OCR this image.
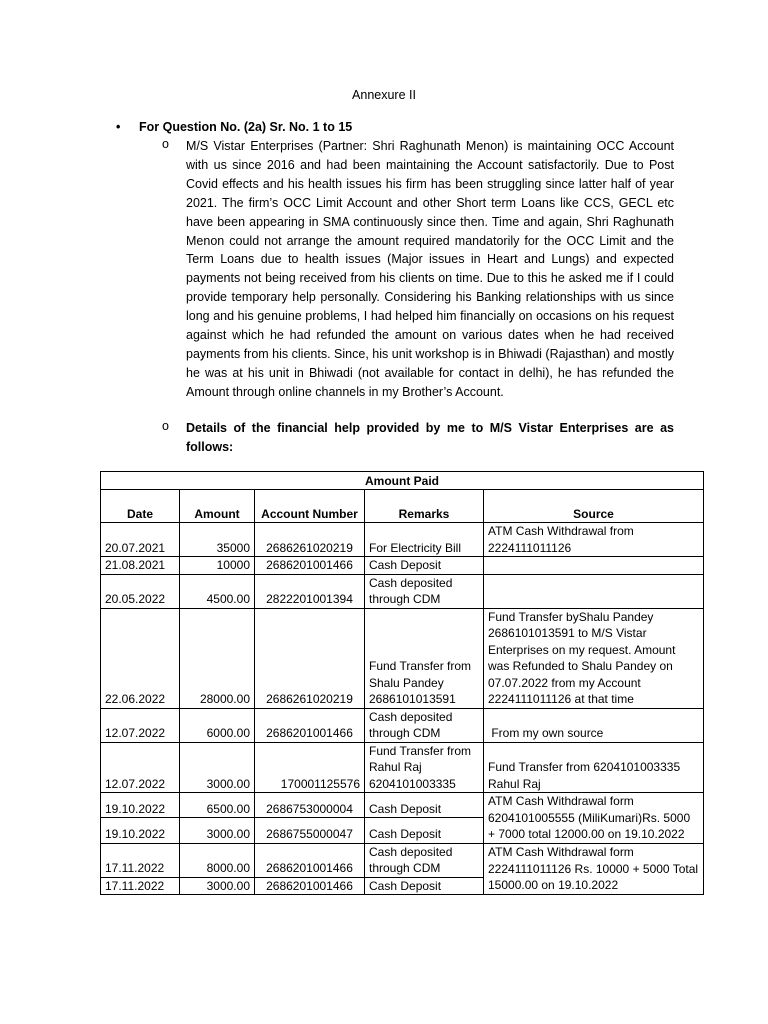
Annexure II
• For Question No. (2a) Sr. No. 1 to 15
o M/S Vistar Enterprises (Partner: Shri Raghunath Menon) is maintaining OCC Account with us since 2016 and had been maintaining the Account satisfactorily. Due to Post Covid effects and his health issues his firm has been struggling since latter half of year 2021. The firm’s OCC Limit Account and other Short term Loans like CCS, GECL etc have been appearing in SMA continuously since then. Time and again, Shri Raghunath Menon could not arrange the amount required mandatorily for the OCC Limit and the Term Loans due to health issues (Major issues in Heart and Lungs) and expected payments not being received from his clients on time. Due to this he asked me if I could provide temporary help personally. Considering his Banking relationships with us since long and his genuine problems, I had helped him financially on occasions on his request against which he had refunded the amount on various dates when he had received payments from his clients. Since, his unit workshop is in Bhiwadi (Rajasthan) and mostly he was at his unit in Bhiwadi (not available for contact in delhi), he has refunded the Amount through online channels in my Brother’s Account.
o Details of the financial help provided by me to M/S Vistar Enterprises are as follows:
Amount Paid				
Date	Amount	Account Number	Remarks	Source
20.07.2021	35000	2686261020219	For Electricity Bill	ATM Cash Withdrawal from 2224111011126
21.08.2021	10000	2686201001466	Cash Deposit	
20.05.2022	4500.00	2822201001394	Cash deposited through CDM	
22.06.2022	28000.00	2686261020219	Fund Transfer from Shalu Pandey 2686101013591	Fund Transfer byShalu Pandey 2686101013591 to M/S Vistar Enterprises on my request. Amount was Refunded to Shalu Pandey on 07.07.2022 from my Account 2224111011126 at that time
12.07.2022	6000.00	2686201001466	Cash deposited through CDM	From my own source
12.07.2022	3000.00	170001125576	Fund Transfer from Rahul Raj 6204101003335	Fund Transfer from 6204101003335 Rahul Raj
19.10.2022	6500.00	2686753000004	Cash Deposit	ATM Cash Withdrawal form 6204101005555 (MiliKumari)Rs. 5000 + 7000 total 12000.00 on 19.10.2022
19.10.2022	3000.00	2686755000047	Cash Deposit	
17.11.2022	8000.00	2686201001466	Cash deposited through CDM	ATM Cash Withdrawal form 2224111011126 Rs. 10000 + 5000 Total 15000.00 on 19.10.2022
17.11.2022	3000.00	2686201001466	Cash Deposit	
